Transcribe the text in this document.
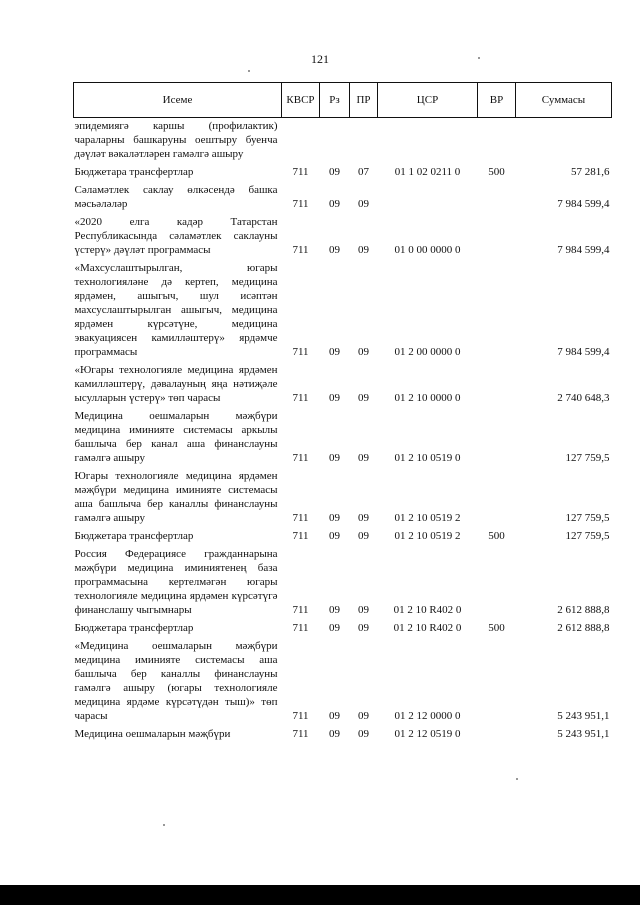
121
Исеме	КВСР	Рз	ПР	ЦСР	ВР	Суммасы
эпидемиягә каршы (профилактик) чараларны башкаруны оештыру буенча дәүләт вәкаләтләрен гамәлгә ашыру						
Бюджетара трансфертлар	711	09	07	01 1 02 0211 0	500	57 281,6
Сәламәтлек саклау өлкәсендә башка мәсьәләләр	711	09	09			7 984 599,4
«2020 елга кадәр Татарстан Республикасында сәламәтлек саклауны үстерү» дәүләт программасы	711	09	09	01 0 00 0000 0		7 984 599,4
«Махсуслаштырылган, югары технологияләне дә кертеп, медицина ярдәмен, ашыгыч, шул исәптән махсуслаштырылган ашыгыч, медицина ярдәмен күрсәтүне, медицина эвакуациясен камилләштерү» ярдәмче программасы	711	09	09	01 2 00 0000 0		7 984 599,4
«Югары технологияле медицина ярдәмен камилләштерү, дәвалауның яңа нәтиҗәле ысулларын үстерү» төп чарасы	711	09	09	01 2 10 0000 0		2 740 648,3
Медицина оешмаларын мәҗбүри медицина иминияте системасы аркылы башлыча бер канал аша финанслауны гамәлгә ашыру	711	09	09	01 2 10 0519 0		127 759,5
Югары технологияле медицина ярдәмен мәҗбүри медицина иминияте системасы аша башлыча бер каналлы финанслауны гамәлгә ашыру	711	09	09	01 2 10 0519 2		127 759,5
Бюджетара трансфертлар	711	09	09	01 2 10 0519 2	500	127 759,5
Россия Федерациясе гражданнарына мәҗбүри медицина иминиятенең база программасына кертелмәгән югары технологияле медицина ярдәмен күрсәтүгә финанслашу чыгымнары	711	09	09	01 2 10 R402 0		2 612 888,8
Бюджетара трансфертлар	711	09	09	01 2 10 R402 0	500	2 612 888,8
«Медицина оешмаларын мәҗбүри медицина иминияте системасы аша башлыча бер каналлы финанслауны гамәлгә ашыру (югары технологияле медицина ярдәме күрсәтүдән тыш)» төп чарасы	711	09	09	01 2 12 0000 0		5 243 951,1
Медицина оешмаларын мәҗбүри	711	09	09	01 2 12 0519 0		5 243 951,1
